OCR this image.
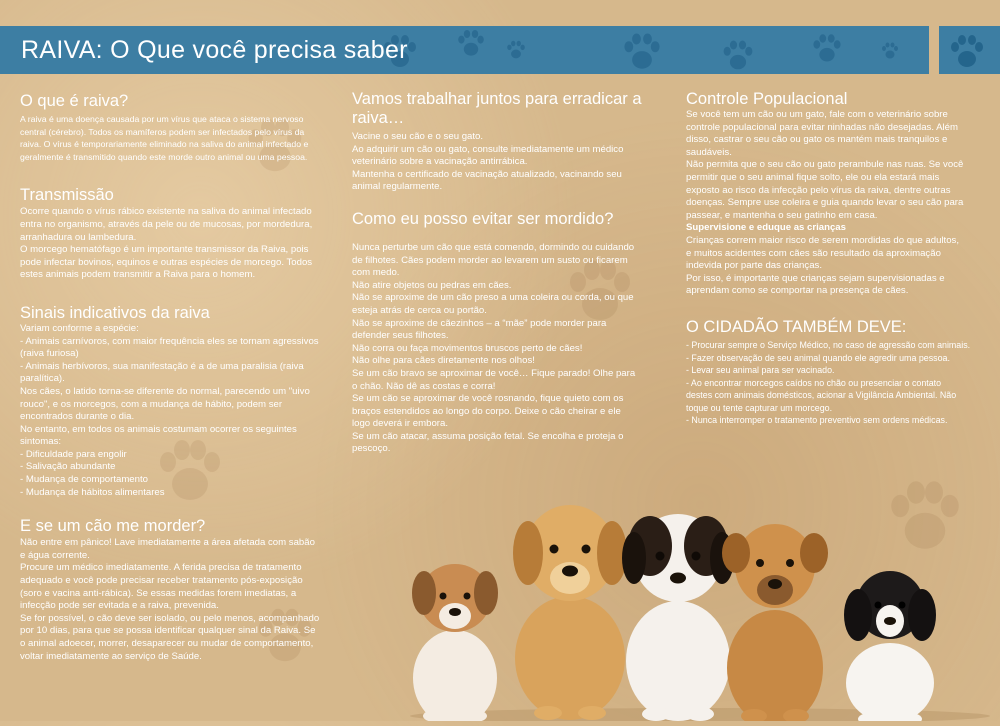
RAIVA: O Que você precisa saber
O que é raiva?

A raiva é uma doença causada por um vírus que ataca o sistema nervoso

central (cérebro). Todos os mamíferos podem ser infectados pelo vírus da

raiva. O vírus é temporariamente eliminado na saliva do animal infectado e

geralmente é transmitido quando este morde outro animal ou uma pessoa.

Transmissão

Ocorre quando o vírus rábico existente na saliva do animal infectado

entra no organismo, através da pele ou de mucosas, por mordedura,

arranhadura ou lambedura.

O morcego hematófago é um importante transmissor da Raiva, pois

pode infectar bovinos, equinos e outras espécies de morcego. Todos

estes animais podem transmitir a Raiva para o homem.

Sinais indicativos da raiva

Variam conforme a espécie:

- Animais carnívoros, com maior frequência eles se tornam agressivos

(raiva furiosa)

- Animais herbívoros, sua manifestação é a de uma paralisia (raiva

paralítica).

Nos cães, o latido torna-se diferente do normal, parecendo um "uivo

rouco", e os morcegos, com a mudança de hábito, podem ser

encontrados durante o dia.

No entanto, em todos os animais costumam ocorrer os seguintes

sintomas:

- Dificuldade para engolir

- Salivação abundante

- Mudança de comportamento

- Mudança de hábitos alimentares

E se um cão me morder?

Não entre em pânico! Lave imediatamente a área afetada com sabão

e água corrente.

Procure um médico imediatamente. A ferida precisa de tratamento

adequado e você pode precisar receber tratamento pós-exposição

(soro e vacina anti-rábica). Se essas medidas forem imediatas, a

infecção pode ser evitada e a raiva, prevenida.

Se for possível, o cão deve ser isolado, ou pelo menos, acompanhado

por 10 dias, para que se possa identificar qualquer sinal da Raiva. Se

o animal adoecer, morrer, desaparecer ou mudar de comportamento,

voltar imediatamente ao serviço de Saúde.

Vamos trabalhar juntos para erradicar a
raiva…

Vacine o seu cão e o seu gato.

Ao adquirir um cão ou gato, consulte imediatamente um médico

veterinário sobre a vacinação antirrábica.

Mantenha o certificado de vacinação atualizado, vacinando seu

animal regularmente.

Como eu posso evitar ser mordido?

Nunca perturbe um cão que está comendo, dormindo ou cuidando

de filhotes. Cães podem morder ao levarem um susto ou ficarem

com medo.

Não atire objetos ou pedras em cães.

Não se aproxime de um cão preso a uma coleira ou corda, ou que

esteja atrás de cerca ou portão.

Não se aproxime de cãezinhos – a “mãe” pode morder para

defender seus filhotes.

Não corra ou faça movimentos bruscos perto de cães!

Não olhe para cães diretamente nos olhos!

Se um cão bravo se aproximar de você… Fique parado! Olhe para

o chão. Não dê as costas e corra!

Se um cão se aproximar de você rosnando, fique quieto com os

braços estendidos ao longo do corpo. Deixe o cão cheirar e ele

logo deverá ir embora.

Se um cão atacar, assuma posição fetal. Se encolha e proteja o

pescoço.

Controle Populacional

Se você tem um cão ou um gato, fale com o veterinário sobre

controle populacional para evitar ninhadas não desejadas. Além

disso, castrar o seu cão ou gato os mantém mais tranquilos e

saudáveis.

Não permita que o seu cão ou gato perambule nas ruas. Se você

permitir que o seu animal fique solto, ele ou ela estará mais

exposto ao risco da infecção pelo vírus da raiva, dentre outras

doenças. Sempre use coleira e guia quando levar o seu cão para

passear, e mantenha o seu gatinho em casa.

Supervisione e eduque as crianças

Crianças correm maior risco de serem mordidas do que adultos,

e muitos acidentes com cães são resultado da aproximação

indevida por parte das crianças.

Por isso, é importante que crianças sejam supervisionadas e

aprendam como se comportar na presença de cães.

O CIDADÃO TAMBÉM DEVE:

- Procurar sempre o Serviço Médico, no caso de agressão com animais.

- Fazer observação de seu animal quando ele agredir uma pessoa.

- Levar seu animal para ser vacinado.

- Ao encontrar morcegos caídos no chão ou presenciar o contato

destes com animais domésticos, acionar a Vigilância Ambiental. Não

toque ou tente capturar um morcego.

- Nunca interromper o tratamento preventivo sem ordens médicas.
